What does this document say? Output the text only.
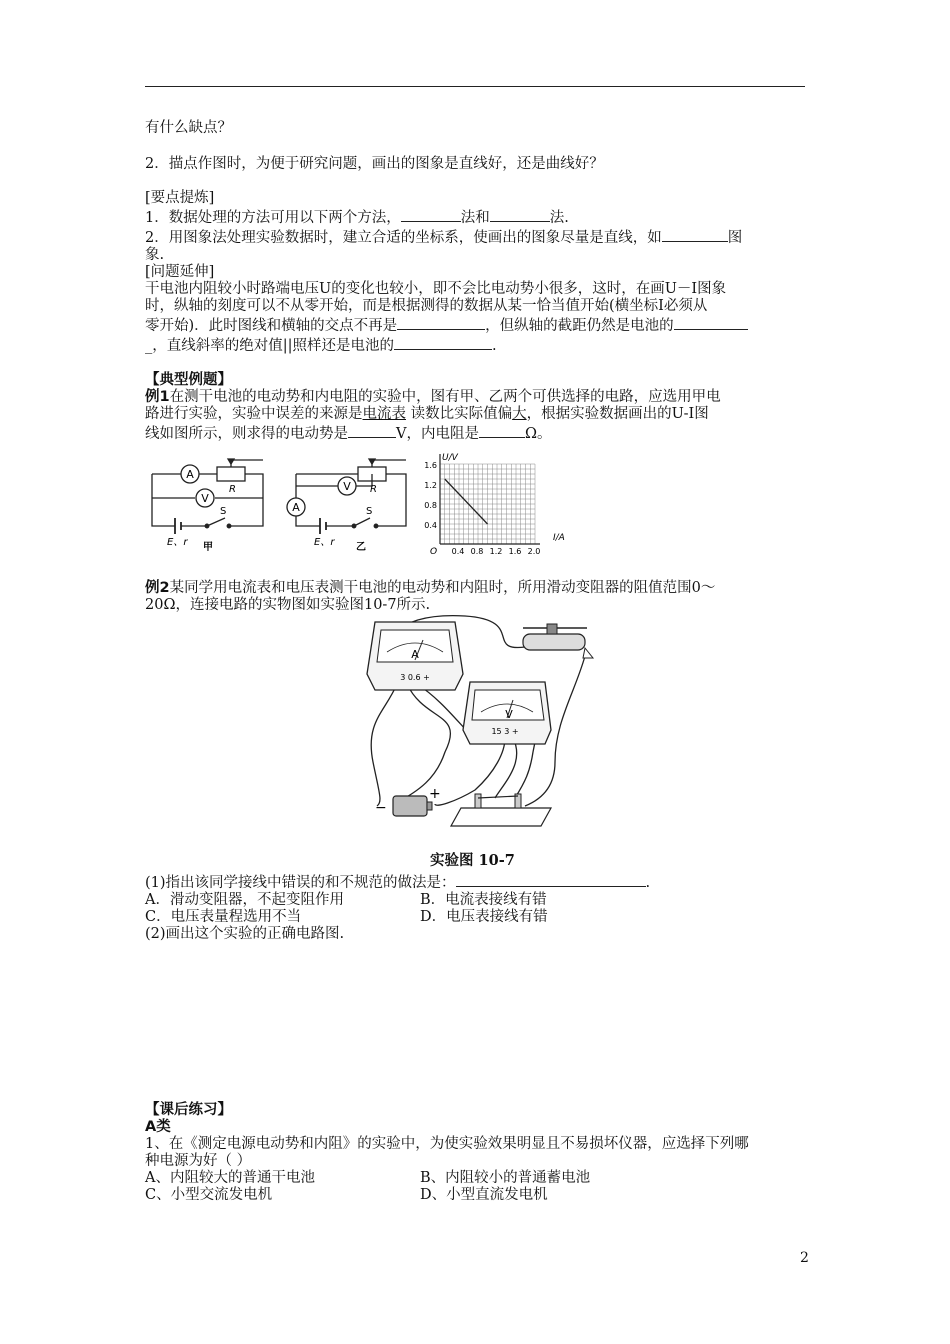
有什么缺点？
2．描点作图时，为便于研究问题，画出的图象是直线好，还是曲线好？
[要点提炼]
1．数据处理的方法可用以下两个方法，	法和	法.
2．用图象法处理实验数据时，建立合适的坐标系，使画出的图象尽量是直线，如	图
象.
[问题延伸]
干电池内阻较小时路端电压U的变化也较小，即不会比电动势小很多，这时，在画U－I图象
时，纵轴的刻度可以不从零开始，而是根据测得的数据从某一恰当值开始(横坐标I必须从
零开始)．此时图线和横轴的交点不再是	，但纵轴的截距仍然是电池的
_，直线斜率的绝对值||照样还是电池的	.
【典型例题】
例1在测干电池的电动势和内电阻的实验中，图有甲、乙两个可供选择的电路，应选用甲电
路进行实验，实验中误差的来源是电流表 读数比实际值偏大，根据实验数据画出的U-I图
线如图所示，则求得的电动势是	V，内电阻是	Ω。
A
V
R
S
E、r 甲
A
V R
S
E、r 乙
U/V
I/A
O
1.6
1.2
0.8
0.4
0.4 0.8 1.2 1.6 2.0
例2某同学用电流表和电压表测干电池的电动势和内阻时，所用滑动变阻器的阻值范围0～
20Ω，连接电路的实物图如实验图10-7所示.
A
3 0.6 +
V
15 3 +
−
+
实验图 10-7
(1)指出该同学接线中错误的和不规范的做法是：	.
A．滑动变阻器，不起变阻作用	B．电流表接线有错
C．电压表量程选用不当	D．电压表接线有错
(2)画出这个实验的正确电路图.
【课后练习】
A类
1、在《测定电源电动势和内阻》的实验中，为使实验效果明显且不易损坏仪器，应选择下列哪
种电源为好（ ）
A、内阻较大的普通干电池	B、内阻较小的普通蓄电池
C、小型交流发电机	D、小型直流发电机
2
